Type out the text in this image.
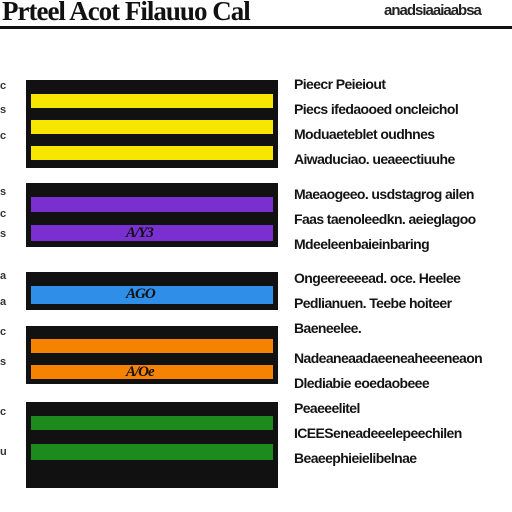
Prteel Acot Filauuo Cal	anadsiaaiaabsa
c
s
c
s
c
s
a
a
c
s
c
u
Pieecr Peieiout
Piecs ifedaooed oncleichol
Moduaeteblet oudhnes
Aiwaduciao. ueaeectiuuhe
A/Y3
Maeaogeeo. usdstagrog ailen
Faas taenoleedkn. aeieglagoo
Mdeeleenbaieinbaring
AGO
Ongeereeeead. oce. Heelee
Pedlianuen. Teebe hoiteer
Baeneelee.
A/Oe
Nadeaneaadaeeneaheeeneaon
Dlediabie eoedaobeee
Peaeeelitel
ICEESeneadeeelepeechilen
Beaeephieielibelnae
